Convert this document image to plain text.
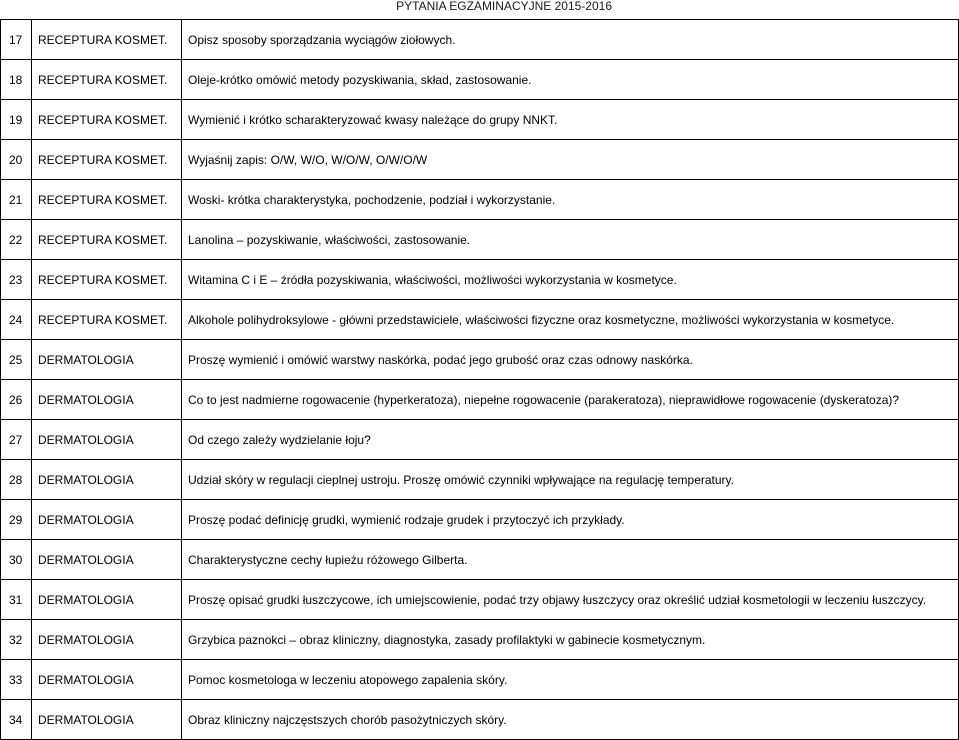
PYTANIA EGZAMINACYJNE 2015-2016
17	RECEPTURA KOSMET.	Opisz sposoby sporządzania wyciągów ziołowych.
18	RECEPTURA KOSMET.	Oleje-krótko omówić metody pozyskiwania, skład, zastosowanie.
19	RECEPTURA KOSMET.	Wymienić i krótko scharakteryzować kwasy należące do grupy NNKT.
20	RECEPTURA KOSMET.	Wyjaśnij zapis: O/W, W/O, W/O/W, O/W/O/W
21	RECEPTURA KOSMET.	Woski- krótka charakterystyka, pochodzenie, podział i wykorzystanie.
22	RECEPTURA KOSMET.	Lanolina – pozyskiwanie, właściwości, zastosowanie.
23	RECEPTURA KOSMET.	Witamina C i E – źródła pozyskiwania, właściwości, możliwości wykorzystania w kosmetyce.
24	RECEPTURA KOSMET.	Alkohole polihydroksylowe - główni przedstawiciele, właściwości fizyczne oraz kosmetyczne, możliwości wykorzystania w kosmetyce.
25	DERMATOLOGIA	Proszę wymienić i omówić warstwy naskórka, podać jego grubość oraz czas odnowy naskórka.
26	DERMATOLOGIA	Co to jest nadmierne rogowacenie (hyperkeratoza), niepełne rogowacenie (parakeratoza), nieprawidłowe rogowacenie (dyskeratoza)?
27	DERMATOLOGIA	Od czego zależy wydzielanie łoju?
28	DERMATOLOGIA	Udział skóry w regulacji cieplnej ustroju. Proszę omówić czynniki wpływające na regulację temperatury.
29	DERMATOLOGIA	Proszę podać definicję grudki, wymienić rodzaje grudek i przytoczyć ich przykłady.
30	DERMATOLOGIA	Charakterystyczne cechy łupieżu różowego Gilberta.
31	DERMATOLOGIA	Proszę opisać grudki łuszczycowe, ich umiejscowienie, podać trzy objawy łuszczycy oraz określić udział kosmetologii w leczeniu łuszczycy.
32	DERMATOLOGIA	Grzybica paznokci – obraz kliniczny, diagnostyka, zasady profilaktyki w gabinecie kosmetycznym.
33	DERMATOLOGIA	Pomoc kosmetologa w leczeniu atopowego zapalenia skóry.
34	DERMATOLOGIA	Obraz kliniczny najczęstszych chorób pasożytniczych skóry.
